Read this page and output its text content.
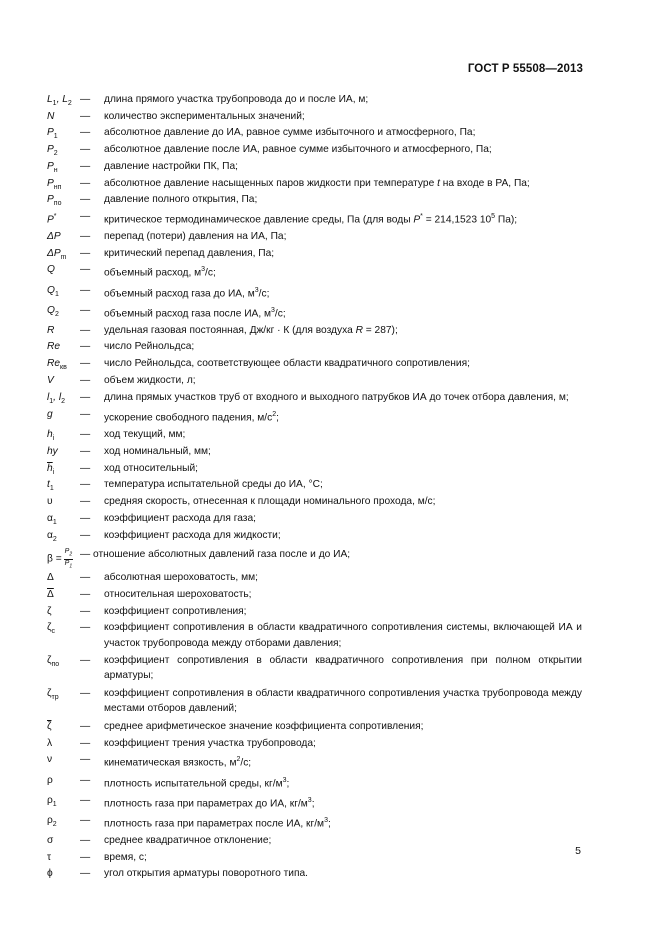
ГОСТ Р 55508—2013
$L_1$, $L_2$ — длина прямого участка трубопровода до и после ИА, м;
N	— количество экспериментальных значений;
$P_1$ — абсолютное давление до ИА, равное сумме избыточного и атмосферного, Па;
$P_2$ — абсолютное давление после ИА, равное сумме избыточного и атмосферного, Па;
$P_н$ — давление настройки ПК, Па;
$P_{нп}$ — абсолютное давление насыщенных паров жидкости при температуре t на входе в РА, Па;
$P_{по}$ — давление полного открытия, Па;
P* — критическое термодинамическое давление среды, Па (для воды P* = 214,1523 $10^5$ Па);
ΔP — перепад (потери) давления на ИА, Па;
$\Delta P_m$ — критический перепад давления, Па;
Q — объемный расход, $м^3/с$;
$Q_1$ — объемный расход газа до ИА, $м^3/с$;
$Q_2$ — объемный расход газа после ИА, $м^3/с$;
R	— удельная газовая постоянная, Дж/кг · К (для воздуха R = 287);
Re — число Рейнольдса;
$Re_{кв}$ — число Рейнольдса, соответствующее области квадратичного сопротивления;
V	— объем жидкости, л;
$l_1$, $l_2$ — длина прямых участков труб от входного и выходного патрубков ИА до точек отбора давления, м;
g	— ускорение свободного падения, $м/с^2$;
$h_i$	— ход текущий, мм;
hy — ход номинальный, мм;
$\overline{h}_i$	— ход относительный;
$t_1$	— температура испытательной среды до ИА, °С;
υ	— средняя скорость, отнесенная к площади номинального прохода, м/с;
$\alpha_1$ — коэффициент расхода для газа;
$\alpha_2$ — коэффициент расхода для жидкости;
$\beta = \frac{P_2}{P_1}$ — отношение абсолютных давлений газа после и до ИА;
Δ	— абсолютная шероховатость, мм;
$\overline{\Delta}$	— относительная шероховатость;
ζ	— коэффициент сопротивления;
$\zeta_c$ — коэффициент сопротивления в области квадратичного сопротивления системы, включающей ИА и участок трубопровода между отборами давления;
$\zeta_{по}$ — коэффициент сопротивления в области квадратичного сопротивления при полном открытии арматуры;
$\zeta_{тр}$ — коэффициент сопротивления в области квадратичного сопротивления участка трубопровода между местами отборов давлений;
$\overline{\zeta}$	— среднее арифметическое значение коэффициента сопротивления;
λ	— коэффициент трения участка трубопровода;
ν	— кинематическая вязкость, $м^2/с$;
ρ	— плотность испытательной среды, $кг/м^3$;
$\rho_1$ — плотность газа при параметрах до ИА, $кг/м^3$;
$\rho_2$ — плотность газа при параметрах после ИА, $кг/м^3$;
σ	— среднее квадратичное отклонение;
τ	— время, с;
ϕ	— угол открытия арматуры поворотного типа.
5
